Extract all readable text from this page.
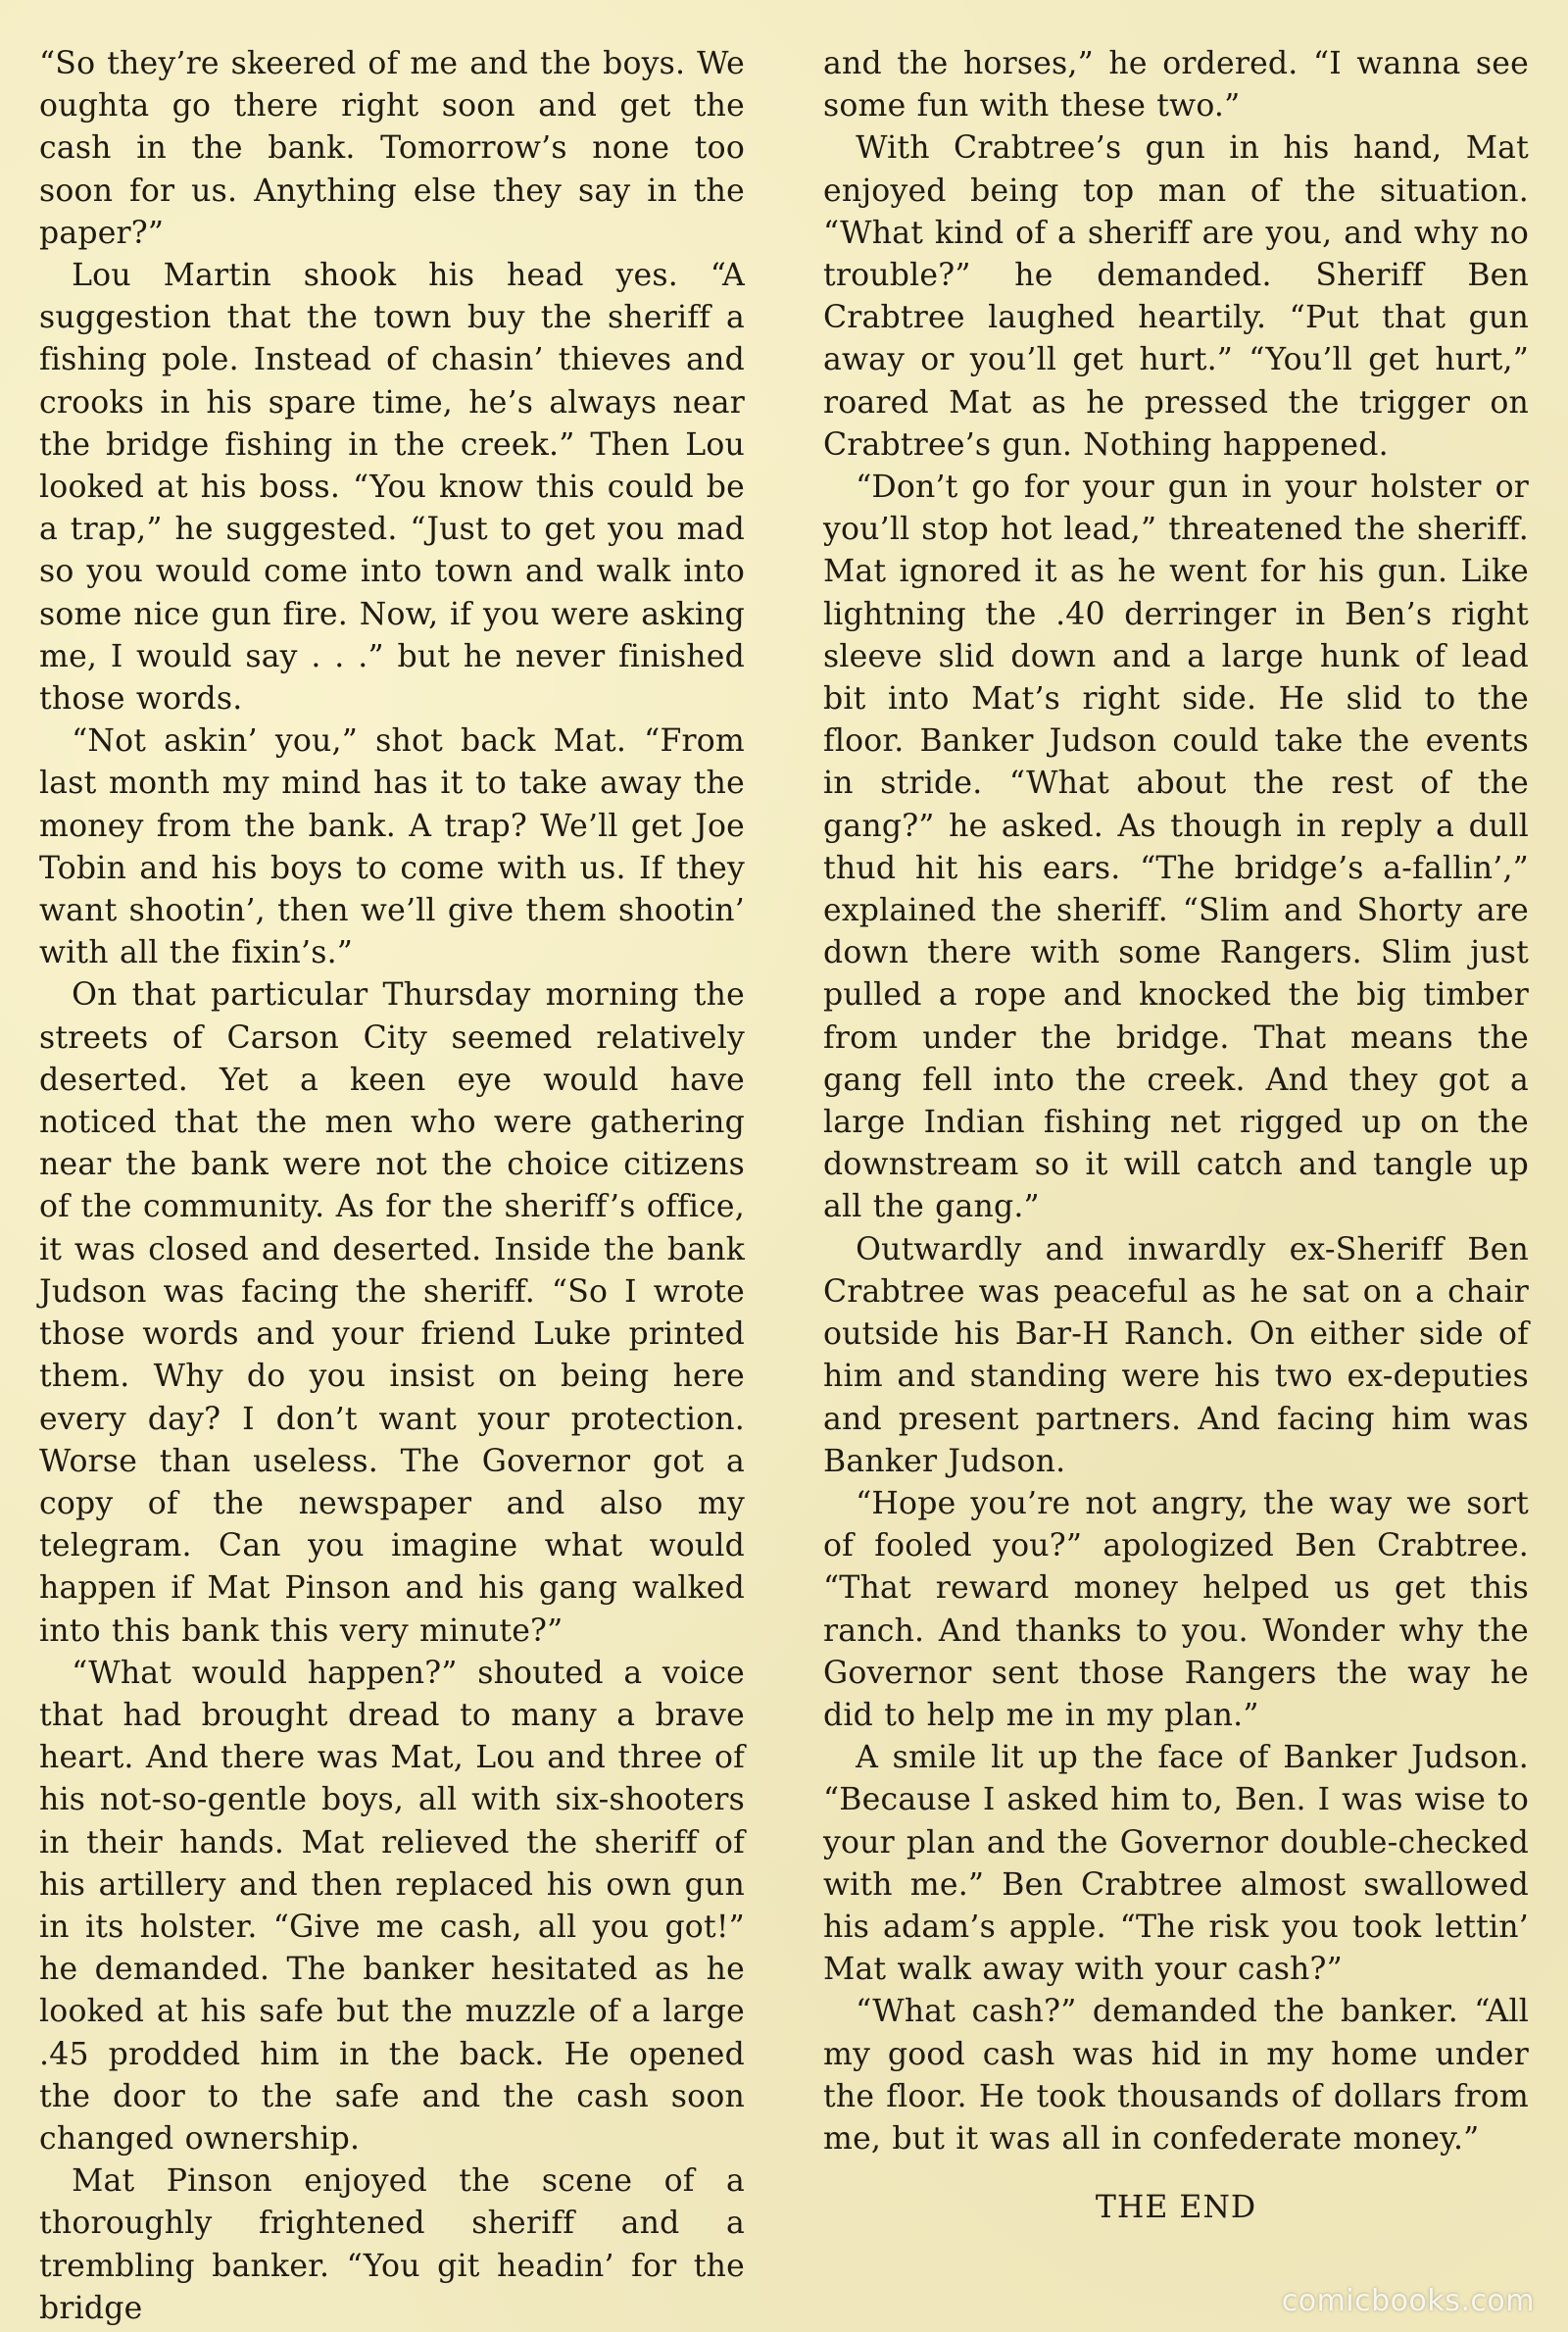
“So they’re skeered of me and the boys. We oughta go there right soon and get the cash in the bank. Tomorrow’s none too soon for us. Anything else they say in the paper?”

Lou Martin shook his head yes. “A suggestion that the town buy the sheriff a fishing pole. Instead of chasin’ thieves and crooks in his spare time, he’s always near the bridge fishing in the creek.” Then Lou looked at his boss. “You know this could be a trap,” he suggested. “Just to get you mad so you would come into town and walk into some nice gun fire. Now, if you were asking me, I would say . . .” but he never finished those words.

“Not askin’ you,” shot back Mat. “From last month my mind has it to take away the money from the bank. A trap? We’ll get Joe Tobin and his boys to come with us. If they want shootin’, then we’ll give them shootin’ with all the fixin’s.”

On that particular Thursday morning the streets of Carson City seemed relatively deserted. Yet a keen eye would have noticed that the men who were gathering near the bank were not the choice citizens of the community. As for the sheriff’s office, it was closed and deserted. Inside the bank Judson was facing the sheriff. “So I wrote those words and your friend Luke printed them. Why do you insist on being here every day? I don’t want your protection. Worse than useless. The Governor got a copy of the newspaper and also my telegram. Can you imagine what would happen if Mat Pinson and his gang walked into this bank this very minute?”

“What would happen?” shouted a voice that had brought dread to many a brave heart. And there was Mat, Lou and three of his not-so-gentle boys, all with six-shooters in their hands. Mat relieved the sheriff of his artillery and then replaced his own gun in its holster. “Give me cash, all you got!” he demanded. The banker hesitated as he looked at his safe but the muzzle of a large .45 prodded him in the back. He opened the door to the safe and the cash soon changed ownership.

Mat Pinson enjoyed the scene of a thoroughly frightened sheriff and a trembling banker. “You git headin’ for the bridge

and the horses,” he ordered. “I wanna see some fun with these two.”

With Crabtree’s gun in his hand, Mat enjoyed being top man of the situation. “What kind of a sheriff are you, and why no trouble?” he demanded. Sheriff Ben Crabtree laughed heartily. “Put that gun away or you’ll get hurt.” “You’ll get hurt,” roared Mat as he pressed the trigger on Crabtree’s gun. Nothing happened.

“Don’t go for your gun in your holster or you’ll stop hot lead,” threatened the sheriff. Mat ignored it as he went for his gun. Like lightning the .40 derringer in Ben’s right sleeve slid down and a large hunk of lead bit into Mat’s right side. He slid to the floor. Banker Judson could take the events in stride. “What about the rest of the gang?” he asked. As though in reply a dull thud hit his ears. “The bridge’s a-fallin’,” explained the sheriff. “Slim and Shorty are down there with some Rangers. Slim just pulled a rope and knocked the big timber from under the bridge. That means the gang fell into the creek. And they got a large Indian fishing net rigged up on the downstream so it will catch and tangle up all the gang.”

Outwardly and inwardly ex-Sheriff Ben Crabtree was peaceful as he sat on a chair outside his Bar-H Ranch. On either side of him and standing were his two ex-deputies and present partners. And facing him was Banker Judson.

“Hope you’re not angry, the way we sort of fooled you?” apologized Ben Crabtree. “That reward money helped us get this ranch. And thanks to you. Wonder why the Governor sent those Rangers the way he did to help me in my plan.”

A smile lit up the face of Banker Judson. “Because I asked him to, Ben. I was wise to your plan and the Governor double-checked with me.” Ben Crabtree almost swallowed his adam’s apple. “The risk you took lettin’ Mat walk away with your cash?”

“What cash?” demanded the banker. “All my good cash was hid in my home under the floor. He took thousands of dollars from me, but it was all in confederate money.”

THE END
comicbooks.com
